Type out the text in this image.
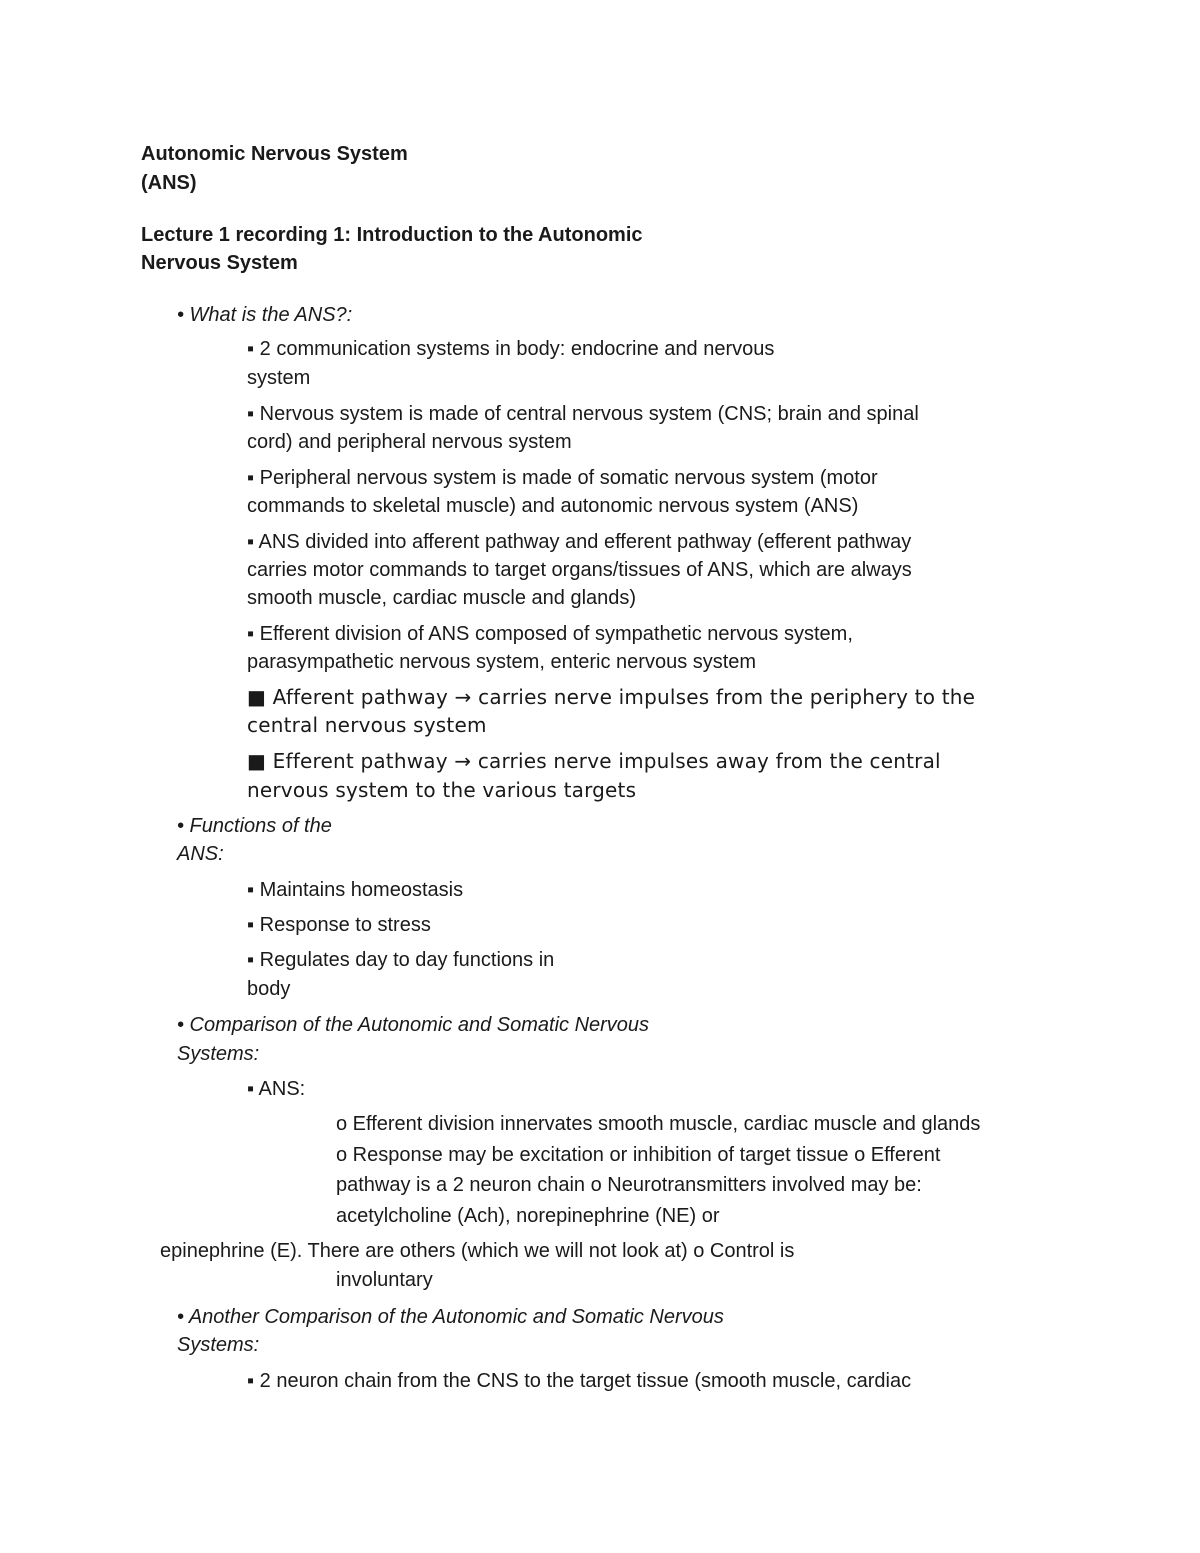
Autonomic Nervous System

(ANS)

Lecture 1 recording 1: Introduction to the Autonomic

Nervous System

• What is the ANS?:

▪ 2 communication systems in body: endocrine and nervous

system

▪ Nervous system is made of central nervous system (CNS; brain and spinal

cord) and peripheral nervous system

▪ Peripheral nervous system is made of somatic nervous system (motor

commands to skeletal muscle) and autonomic nervous system (ANS)

▪ ANS divided into afferent pathway and efferent pathway (efferent pathway

carries motor commands to target organs/tissues of ANS, which are always

smooth muscle, cardiac muscle and glands)

▪ Efferent division of ANS composed of sympathetic nervous system,

parasympathetic nervous system, enteric nervous system

■ Afferent pathway → carries nerve impulses from the periphery to the

central nervous system

■ Efferent pathway → carries nerve impulses away from the central

nervous system to the various targets

• Functions of the

ANS:

▪ Maintains homeostasis

▪ Response to stress

▪ Regulates day to day functions in

body

• Comparison of the Autonomic and Somatic Nervous

Systems:

▪ ANS:

o Efferent division innervates smooth muscle, cardiac muscle and glands

o Response may be excitation or inhibition of target tissue o Efferent

pathway is a 2 neuron chain o Neurotransmitters involved may be:

acetylcholine (Ach), norepinephrine (NE) or

epinephrine (E). There are others (which we will not look at) o Control is

involuntary

• Another Comparison of the Autonomic and Somatic Nervous

Systems:

▪ 2 neuron chain from the CNS to the target tissue (smooth muscle, cardiac
